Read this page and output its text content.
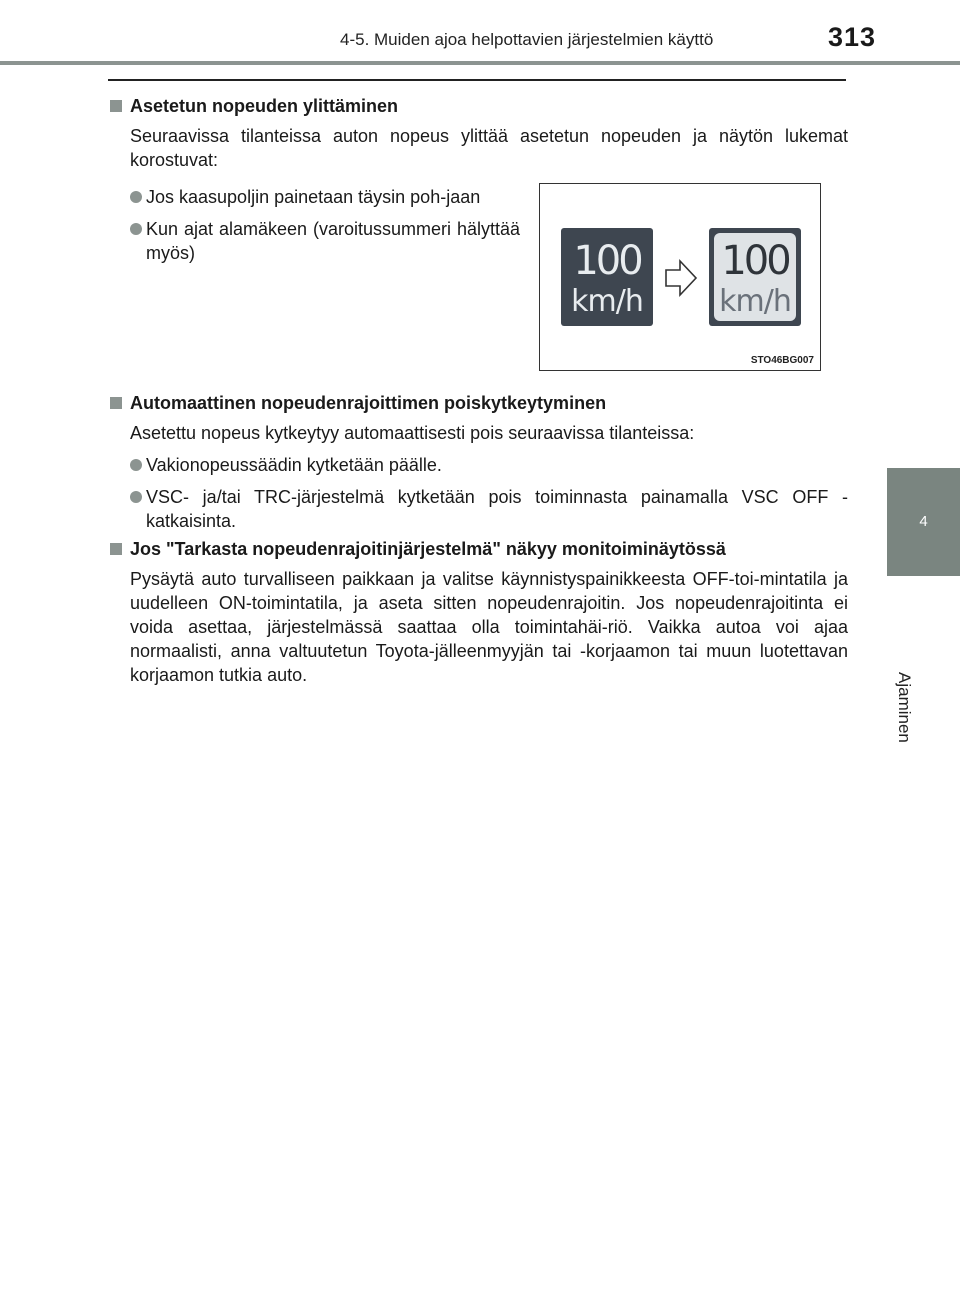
4-5. Muiden ajoa helpottavien järjestelmien käyttö	313
4
Ajaminen
Asetetun nopeuden ylittäminen
Seuraavissa tilanteissa auton nopeus ylittää asetetun nopeuden ja näytön lukemat korostuvat:
Jos kaasupoljin painetaan täysin poh-jaan
Kun ajat alamäkeen (varoitussummeri hälyttää myös)	100
km/h
100
km/h
STO46BG007
Automaattinen nopeudenrajoittimen poiskytkeytyminen
Asetettu nopeus kytkeytyy automaattisesti pois seuraavissa tilanteissa:
Vakionopeussäädin kytketään päälle.
VSC- ja/tai TRC-järjestelmä kytketään pois toiminnasta painamalla VSC OFF -katkaisinta.
Jos "Tarkasta nopeudenrajoitinjärjestelmä" näkyy monitoiminäytössä
Pysäytä auto turvalliseen paikkaan ja valitse käynnistyspainikkeesta OFF-toi-mintatila ja uudelleen ON-toimintatila, ja aseta sitten nopeudenrajoitin. Jos nopeudenrajoitinta ei voida asettaa, järjestelmässä saattaa olla toimintahäi-riö. Vaikka autoa voi ajaa normaalisti, anna valtuutetun Toyota-jälleenmyyjän tai -korjaamon tai muun luotettavan korjaamon tutkia auto.
